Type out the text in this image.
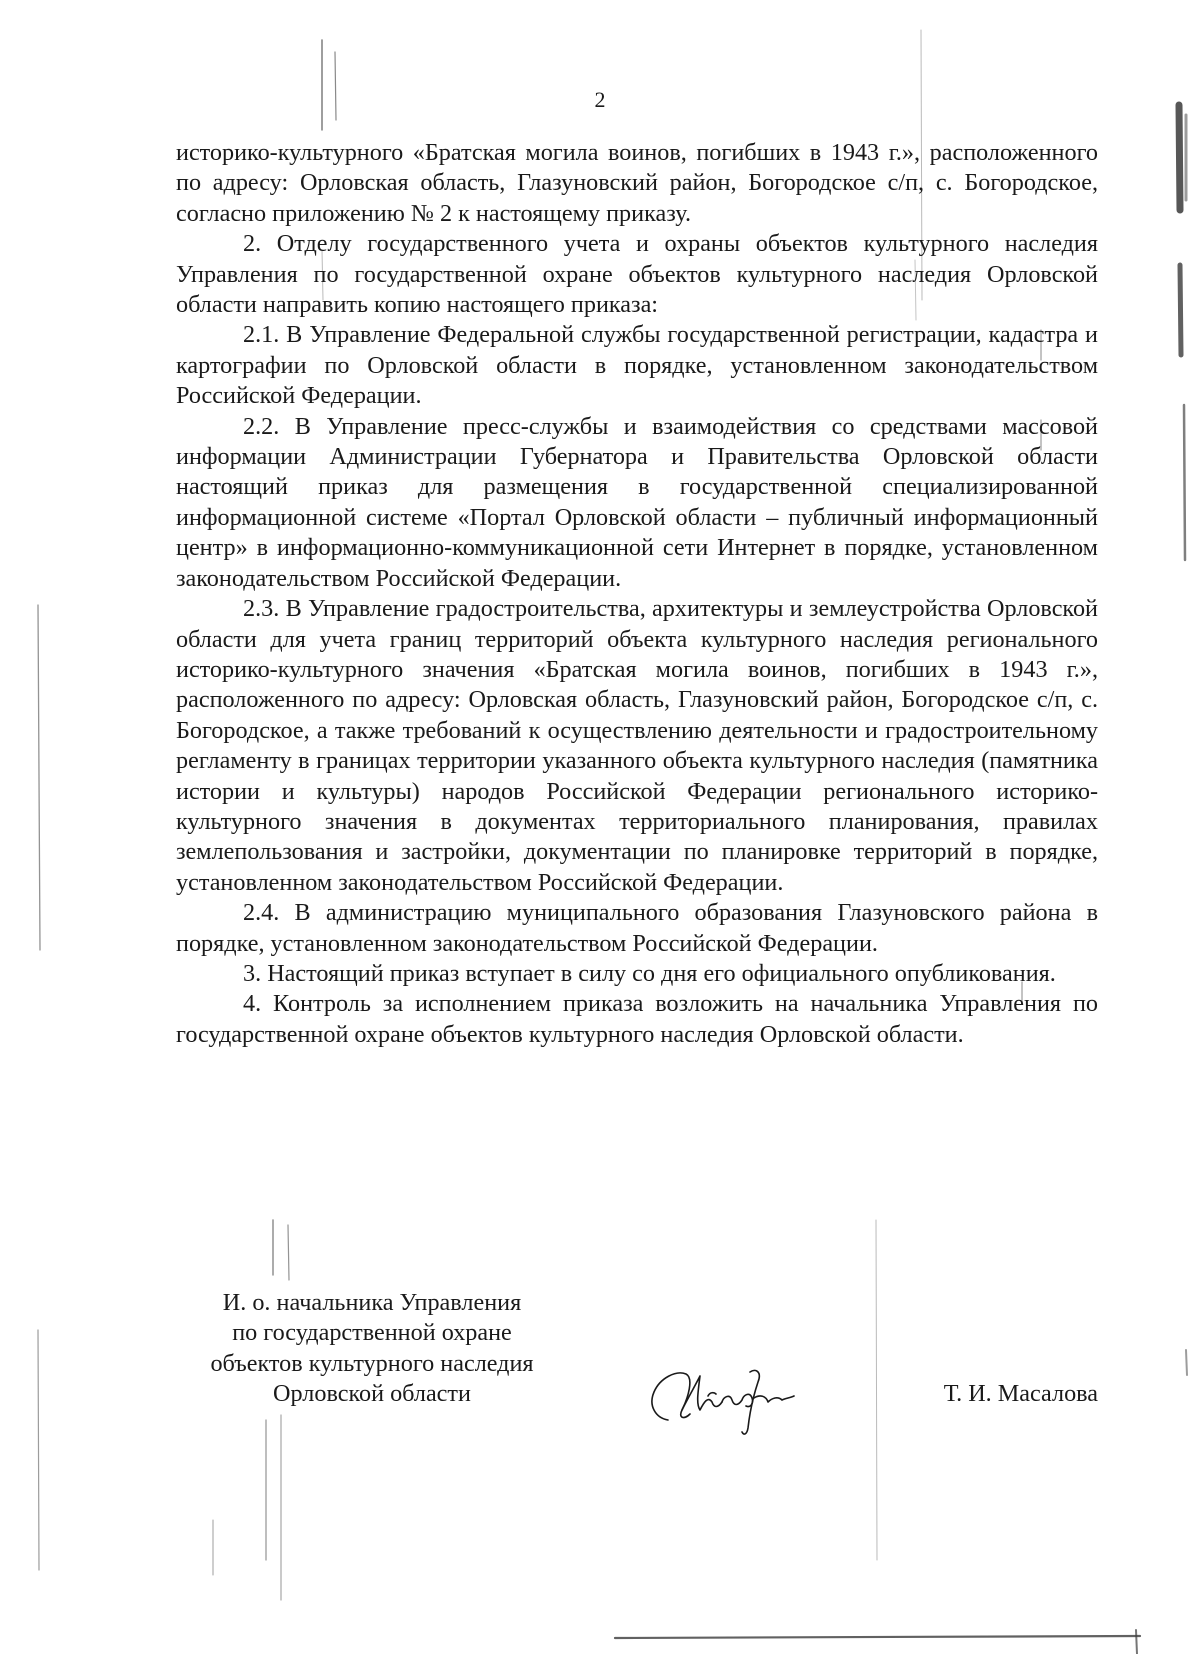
2

историко-культурного «Братская могила воинов, погибших в 1943 г.», расположенного по адресу: Орловская область, Глазуновский район, Богородское с/п, с. Богородское, согласно приложению № 2 к настоящему приказу.

2. Отделу государственного учета и охраны объектов культурного наследия Управления по государственной охране объектов культурного наследия Орловской области направить копию настоящего приказа:

2.1. В Управление Федеральной службы государственной регистрации, кадастра и картографии по Орловской области в порядке, установленном законодательством Российской Федерации.

2.2. В Управление пресс-службы и взаимодействия со средствами массовой информации Администрации Губернатора и Правительства Орловской области настоящий приказ для размещения в государственной специализированной информационной системе «Портал Орловской области – публичный информационный центр» в информационно-коммуникационной сети Интернет в порядке, установленном законодательством Российской Федерации.

2.3. В Управление градостроительства, архитектуры и землеустройства Орловской области для учета границ территорий объекта культурного наследия регионального историко-культурного значения «Братская могила воинов, погибших в 1943 г.», расположенного по адресу: Орловская область, Глазуновский район, Богородское с/п, с. Богородское, а также требований к осуществлению деятельности и градостроительному регламенту в границах территории указанного объекта культурного наследия (памятника истории и культуры) народов Российской Федерации регионального историко-культурного значения в документах территориального планирования, правилах землепользования и застройки, документации по планировке территорий в порядке, установленном законодательством Российской Федерации.

2.4. В администрацию муниципального образования Глазуновского района в порядке, установленном законодательством Российской Федерации.

3. Настоящий приказ вступает в силу со дня его официального опубликования.

4. Контроль за исполнением приказа возложить на начальника Управления по государственной охране объектов культурного наследия Орловской области.

И. о. начальника Управления
по государственной охране
объектов культурного наследия
Орловской области	Т. И. Масалова
